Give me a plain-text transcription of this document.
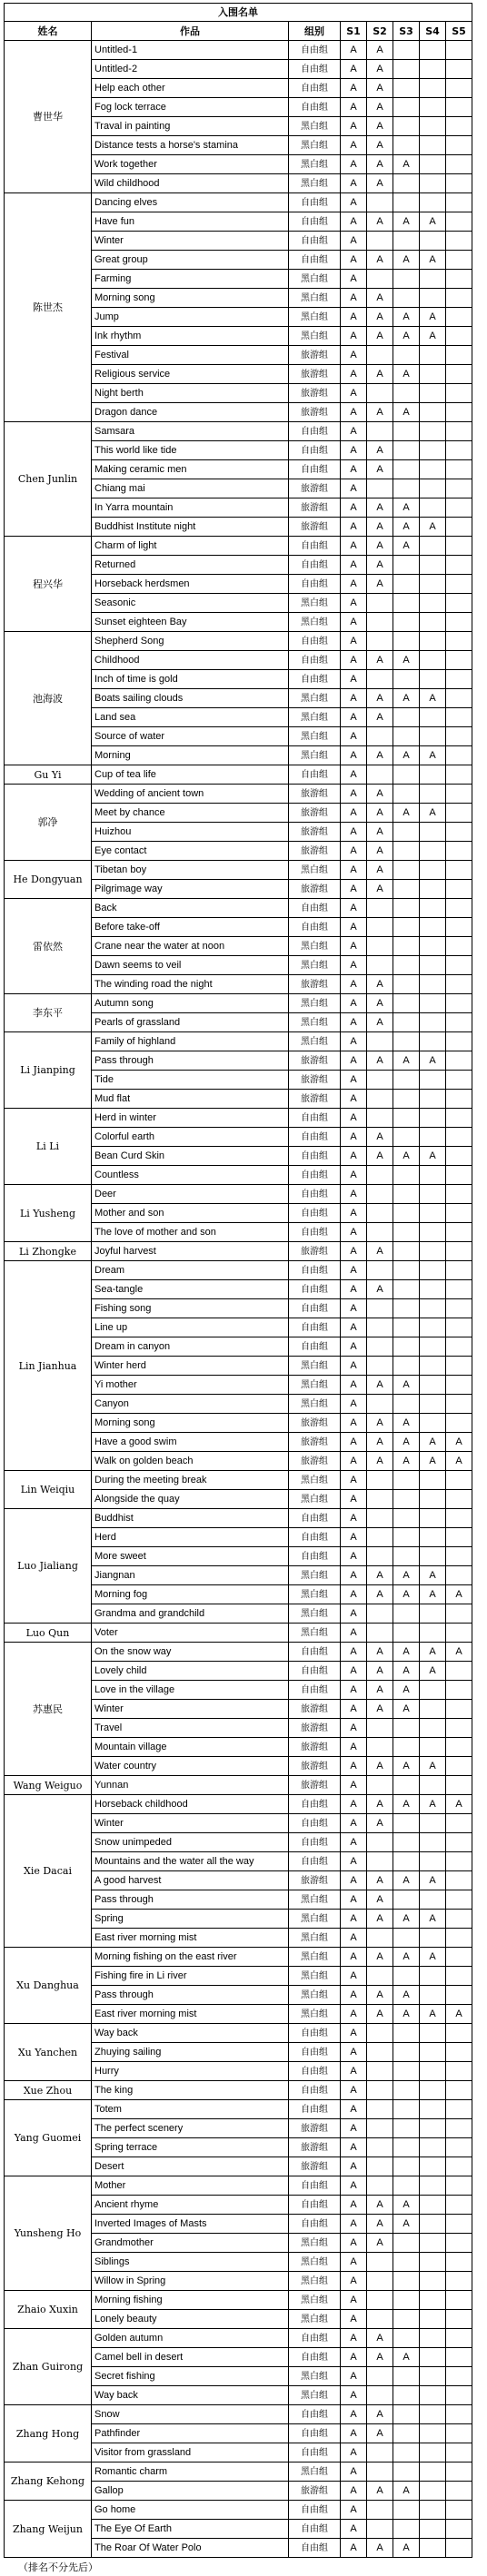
入围名单							
姓名	作品	组别	S1	S2	S3	S4	S5
曹世华	Untitled-1	自由组	A	A			
	Untitled-2	自由组	A	A			
	Help each other	自由组	A	A			
	Fog lock terrace	自由组	A	A			
	Traval in painting	黑白组	A	A			
	Distance tests a horse's stamina	黑白组	A	A			
	Work together	黑白组	A	A	A		
	Wild childhood	黑白组	A	A			
陈世杰	Dancing elves	自由组	A				
	Have fun	自由组	A	A	A	A	
	Winter	自由组	A				
	Great group	自由组	A	A	A	A	
	Farming	黑白组	A				
	Morning song	黑白组	A	A			
	Jump	黑白组	A	A	A	A	
	Ink rhythm	黑白组	A	A	A	A	
	Festival	旅游组	A				
	Religious service	旅游组	A	A	A		
	Night berth	旅游组	A				
	Dragon dance	旅游组	A	A	A		
Chen Junlin	Samsara	自由组	A				
	This world like tide	自由组	A	A			
	Making ceramic men	自由组	A	A			
	Chiang mai	旅游组	A				
	In Yarra mountain	旅游组	A	A	A		
	Buddhist Institute night	旅游组	A	A	A	A	
程兴华	Charm of light	自由组	A	A	A		
	Returned	自由组	A	A			
	Horseback herdsmen	自由组	A	A			
	Seasonic	黑白组	A				
	Sunset eighteen Bay	黑白组	A				
池海波	Shepherd Song	自由组	A				
	Childhood	自由组	A	A	A		
	Inch of time is gold	自由组	A				
	Boats sailing clouds	黑白组	A	A	A	A	
	Land sea	黑白组	A	A			
	Source of water	黑白组	A				
	Morning	黑白组	A	A	A	A	
Gu Yi	Cup of tea life	自由组	A				
郭净	Wedding of ancient town	旅游组	A	A			
	Meet by chance	旅游组	A	A	A	A	
	Huizhou	旅游组	A	A			
	Eye contact	旅游组	A	A			
He Dongyuan	Tibetan boy	黑白组	A	A			
	Pilgrimage way	旅游组	A	A			
雷依然	Back	自由组	A				
	Before take-off	自由组	A				
	Crane near the water at noon	黑白组	A				
	Dawn seems to veil	黑白组	A				
	The winding road the night	旅游组	A	A			
李东平	Autumn song	黑白组	A	A			
	Pearls of grassland	黑白组	A	A			
Li Jianping	Family of highland	黑白组	A				
	Pass through	旅游组	A	A	A	A	
	Tide	旅游组	A				
	Mud flat	旅游组	A				
Li Li	Herd in winter	自由组	A				
	Colorful earth	自由组	A	A			
	Bean Curd Skin	自由组	A	A	A	A	
	Countless	自由组	A				
Li Yusheng	Deer	自由组	A				
	Mother and son	自由组	A				
	The love of mother and son	自由组	A				
Li Zhongke	Joyful harvest	旅游组	A	A			
Lin Jianhua	Dream	自由组	A				
	Sea-tangle	自由组	A	A			
	Fishing song	自由组	A				
	Line up	自由组	A				
	Dream in canyon	自由组	A				
	Winter herd	黑白组	A				
	Yi mother	黑白组	A	A	A		
	Canyon	黑白组	A				
	Morning song	旅游组	A	A	A		
	Have a good swim	旅游组	A	A	A	A	A
	Walk on golden beach	旅游组	A	A	A	A	A
Lin Weiqiu	During the meeting break	黑白组	A				
	Alongside the quay	黑白组	A				
Luo Jialiang	Buddhist	自由组	A				
	Herd	自由组	A				
	More sweet	自由组	A				
	Jiangnan	黑白组	A	A	A	A	
	Morning fog	黑白组	A	A	A	A	A
	Grandma and grandchild	黑白组	A				
Luo Qun	Voter	黑白组	A				
苏惠民	On the snow way	自由组	A	A	A	A	A
	Lovely child	自由组	A	A	A	A	
	Love in the village	自由组	A	A	A		
	Winter	旅游组	A	A	A		
	Travel	旅游组	A				
	Mountain village	旅游组	A				
	Water country	旅游组	A	A	A	A	
Wang Weiguo	Yunnan	旅游组	A				
Xie Dacai	Horseback childhood	自由组	A	A	A	A	A
	Winter	自由组	A	A			
	Snow unimpeded	自由组	A				
	Mountains and the water all the way	自由组	A				
	A good harvest	旅游组	A	A	A	A	
	Pass through	黑白组	A	A			
	Spring	黑白组	A	A	A	A	
	East river morning mist	黑白组	A				
Xu Danghua	Morning fishing on the east river	黑白组	A	A	A	A	
	Fishing fire in Li river	黑白组	A				
	Pass through	黑白组	A	A	A		
	East river morning mist	黑白组	A	A	A	A	A
Xu Yanchen	Way back	自由组	A				
	Zhuying sailing	自由组	A				
	Hurry	自由组	A				
Xue Zhou	The king	自由组	A				
Yang Guomei	Totem	自由组	A				
	The perfect scenery	旅游组	A				
	Spring terrace	旅游组	A				
	Desert	旅游组	A				
Yunsheng Ho	Mother	自由组	A				
	Ancient rhyme	自由组	A	A	A		
	Inverted Images of Masts	自由组	A	A	A		
	Grandmother	黑白组	A	A			
	Siblings	黑白组	A				
	Willow in Spring	黑白组	A				
Zhaio Xuxin	Morning fishing	黑白组	A				
	Lonely beauty	黑白组	A				
Zhan Guirong	Golden autumn	自由组	A	A			
	Camel bell in desert	自由组	A	A	A		
	Secret fishing	黑白组	A				
	Way back	黑白组	A				
Zhang Hong	Snow	自由组	A	A			
	Pathfinder	自由组	A	A			
	Visitor from grassland	自由组	A				
Zhang Kehong	Romantic charm	黑白组	A				
	Gallop	旅游组	A	A	A		
Zhang Weijun	Go home	自由组	A				
	The Eye Of Earth	自由组	A				
	The Roar Of Water Polo	自由组	A	A	A		
（排名不分先后）
